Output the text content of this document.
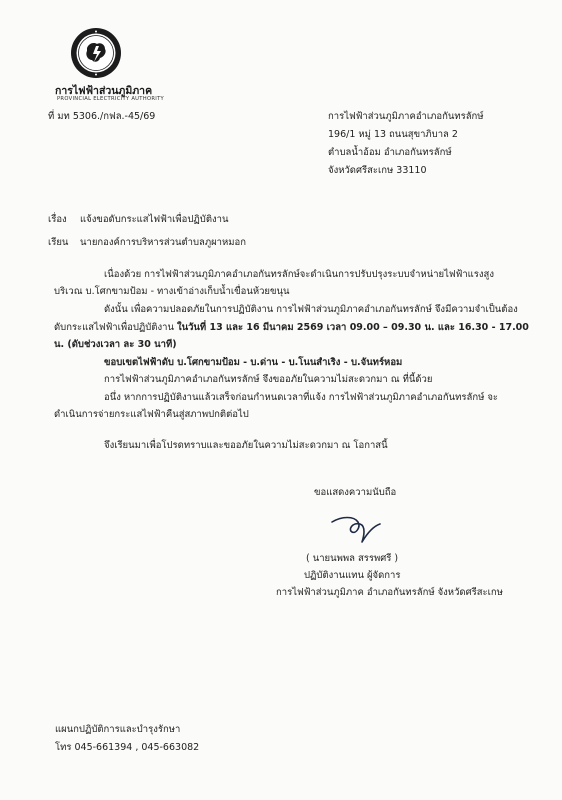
การไฟฟ้าส่วนภูมิภาค
PROVINCIAL ELECTRICITY AUTHORITY
ที่ มท 5306./กฟล.-45/69	การไฟฟ้าส่วนภูมิภาคอำเภอกันทรลักษ์
196/1 หมู่ 13 ถนนสุขาภิบาล 2
ตำบลน้ำอ้อม อำเภอกันทรลักษ์
จังหวัดศรีสะเกษ 33110
เรื่อง แจ้งขอดับกระแสไฟฟ้าเพื่อปฏิบัติงาน
เรียน นายกองค์การบริหารส่วนตำบลภูผาหมอก
เนื่องด้วย การไฟฟ้าส่วนภูมิภาคอำเภอกันทรลักษ์จะดำเนินการปรับปรุงระบบจำหน่ายไฟฟ้าแรงสูง
บริเวณ บ.โศกขามป้อม - ทางเข้าอ่างเก็บน้ำเขื่อนห้วยขนุน
ดังนั้น เพื่อความปลอดภัยในการปฏิบัติงาน การไฟฟ้าส่วนภูมิภาคอำเภอกันทรลักษ์ จึงมีความจำเป็นต้อง
ดับกระแสไฟฟ้าเพื่อปฏิบัติงาน ในวันที่ 13 และ 16 มีนาคม 2569 เวลา 09.00 – 09.30 น. และ 16.30 - 17.00
น. (ดับช่วงเวลา ละ 30 นาที)
ขอบเขตไฟฟ้าดับ บ.โศกขามป้อม - บ.ด่าน - บ.โนนสำเริง - บ.จันทร์หอม
การไฟฟ้าส่วนภูมิภาคอำเภอกันทรลักษ์ จึงขออภัยในความไม่สะดวกมา ณ ที่นี้ด้วย
อนึ่ง หากการปฏิบัติงานแล้วเสร็จก่อนกำหนดเวลาที่แจ้ง การไฟฟ้าส่วนภูมิภาคอำเภอกันทรลักษ์ จะ
ดำเนินการจ่ายกระแสไฟฟ้าคืนสู่สภาพปกติต่อไป
จึงเรียนมาเพื่อโปรดทราบและขออภัยในความไม่สะดวกมา ณ โอกาสนี้
ขอแสดงความนับถือ
( นายนพพล สรรพศรี )
ปฏิบัติงานแทน ผู้จัดการ
การไฟฟ้าส่วนภูมิภาค อำเภอกันทรลักษ์ จังหวัดศรีสะเกษ
แผนกปฏิบัติการและบำรุงรักษา
โทร 045-661394 , 045-663082
